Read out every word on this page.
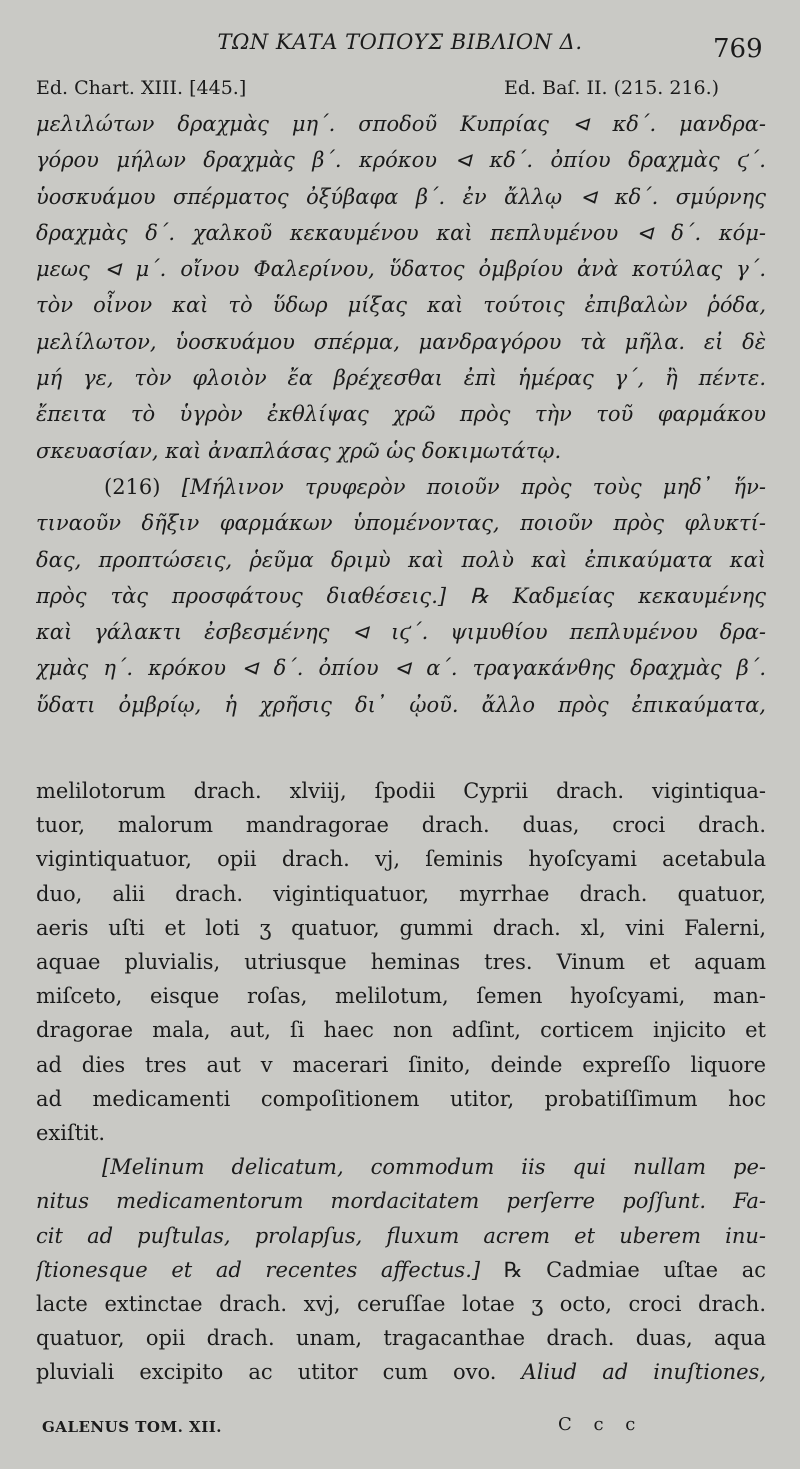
ΤΩΝ ΚΑΤΑ ΤΟΠΟΥΣ ΒΙΒΛΙΟΝ Δ.	769
Ed. Chart. XIII. [445.]	Ed. Baſ. II. (215. 216.)
μελιλώτων δραχμὰς μη΄. σποδοῦ Κυπρίας ⊲ κδ΄. μανδρα-
γόρου μήλων δραχμὰς β΄. κρόκου ⊲ κδ΄. ὀπίου δραχμὰς ϛ΄.
ὑοσκυάμου σπέρματος ὀξύβαφα β΄. ἐν ἄλλῳ ⊲ κδ΄. σμύρνης
δραχμὰς δ΄. χαλκοῦ κεκαυμένου καὶ πεπλυμένου ⊲ δ΄. κόμ-
μεως ⊲ μ΄. οἴνου Φαλερίνου, ὕδατος ὀμβρίου ἀνὰ κοτύλας γ΄.
τὸν οἶνον καὶ τὸ ὕδωρ μίξας καὶ τούτοις ἐπιβαλὼν ῥόδα,
μελίλωτον, ὑοσκυάμου σπέρμα, μανδραγόρου τὰ μῆλα. εἰ δὲ
μή γε, τὸν φλοιὸν ἔα βρέχεσθαι ἐπὶ ἡμέρας γ΄, ἢ πέντε.
ἔπειτα τὸ ὑγρὸν ἐκθλίψας χρῶ πρὸς τὴν τοῦ φαρμάκου
σκευασίαν, καὶ ἀναπλάσας χρῶ ὡς δοκιμωτάτῳ.
(216) [Μήλινον τρυφερὸν ποιοῦν πρὸς τοὺς μηδ᾽ ἥν-
τιναοῦν δῆξιν φαρμάκων ὑπομένοντας, ποιοῦν πρὸς φλυκτί-
δας, προπτώσεις, ῥεῦμα δριμὺ καὶ πολὺ καὶ ἐπικαύματα καὶ
πρὸς τὰς προσφάτους διαθέσεις.] ℞ Καδμείας κεκαυμένης
καὶ γάλακτι ἐσβεσμένης ⊲ ιϛ΄. ψιμυθίου πεπλυμένου δρα-
χμὰς η΄. κρόκου ⊲ δ΄. ὀπίου ⊲ α΄. τραγακάνθης δραχμὰς β΄.
ὕδατι ὀμβρίῳ, ἡ χρῆσις δι᾽ ᾠοῦ. ἄλλο πρὸς ἐπικαύματα,
melilotorum drach. xlviij, ſpodii Cyprii drach. vigintiqua-
tuor, malorum mandragorae drach. duas, croci drach.
vigintiquatuor, opii drach. vj, ſeminis hyoſcyami acetabula
duo, alii drach. vigintiquatuor, myrrhae drach. quatuor,
aeris uſti et loti ʒ quatuor, gummi drach. xl, vini Falerni,
aquae pluvialis, utriusque heminas tres. Vinum et aquam
miſceto, eisque roſas, melilotum, ſemen hyoſcyami, man-
dragorae mala, aut, ſi haec non adſint, corticem injicito et
ad dies tres aut v macerari ſinito, deinde expreſſo liquore
ad medicamenti compoſitionem utitor, probatiſſimum hoc
exiſtit.
[Melinum delicatum, commodum iis qui nullam pe-
nitus medicamentorum mordacitatem perſerre poſſunt. Fa-
cit ad puſtulas, prolapſus, fluxum acrem et uberem inu-
ſtionesque et ad recentes affectus.] ℞ Cadmiae uſtae ac
lacte extinctae drach. xvj, ceruſſae lotae ʒ octo, croci drach.
quatuor, opii drach. unam, tragacanthae drach. duas, aqua
pluviali excipito ac utitor cum ovo. Aliud ad inuſtiones,
GALENUS TOM. XII.	C c c
